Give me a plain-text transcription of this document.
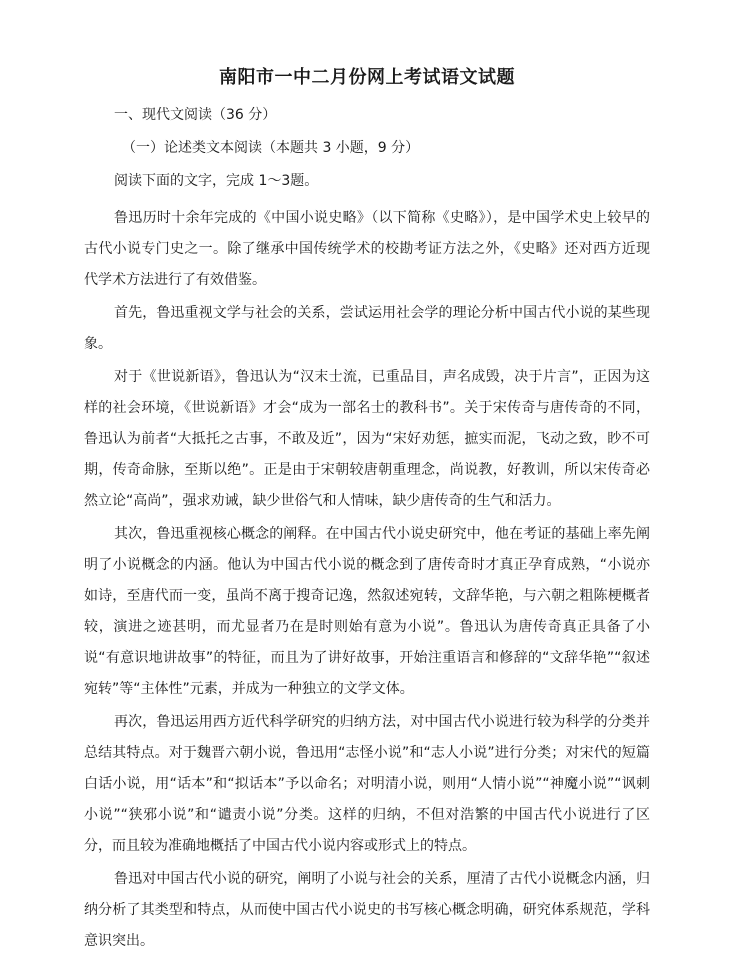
南阳市一中二月份网上考试语文试题
一、现代文阅读（36 分）
（一）论述类文本阅读（本题共 3 小题，9 分）
阅读下面的文字，完成 1～3题。

鲁迅历时十余年完成的《中国小说史略》（以下简称《史略》），是中国学术史上较早的古代小说专门史之一。除了继承中国传统学术的校勘考证方法之外，《史略》还对西方近现代学术方法进行了有效借鉴。

首先，鲁迅重视文学与社会的关系，尝试运用社会学的理论分析中国古代小说的某些现象。

对于《世说新语》，鲁迅认为“汉末士流，已重品目，声名成毁，决于片言”，正因为这样的社会环境，《世说新语》才会“成为一部名士的教科书”。关于宋传奇与唐传奇的不同，鲁迅认为前者“大抵托之古事，不敢及近”，因为“宋好劝惩，摭实而泥，飞动之致，眇不可期，传奇命脉，至斯以绝”。正是由于宋朝较唐朝重理念，尚说教，好教训，所以宋传奇必然立论“高尚”，强求劝诫，缺少世俗气和人情味，缺少唐传奇的生气和活力。

其次，鲁迅重视核心概念的阐释。在中国古代小说史研究中，他在考证的基础上率先阐明了小说概念的内涵。他认为中国古代小说的概念到了唐传奇时才真正孕育成熟，“小说亦如诗，至唐代而一变，虽尚不离于搜奇记逸，然叙述宛转，文辞华艳，与六朝之粗陈梗概者较，演进之迹甚明，而尤显者乃在是时则始有意为小说”。鲁迅认为唐传奇真正具备了小说“有意识地讲故事”的特征，而且为了讲好故事，开始注重语言和修辞的“文辞华艳”“叙述宛转”等“主体性”元素，并成为一种独立的文学文体。

再次，鲁迅运用西方近代科学研究的归纳方法，对中国古代小说进行较为科学的分类并总结其特点。对于魏晋六朝小说，鲁迅用“志怪小说”和“志人小说”进行分类；对宋代的短篇白话小说，用“话本”和“拟话本”予以命名；对明清小说，则用“人情小说”“神魔小说”“讽刺小说”“狭邪小说”和“谴责小说”分类。这样的归纳，不但对浩繁的中国古代小说进行了区分，而且较为准确地概括了中国古代小说内容或形式上的特点。

鲁迅对中国古代小说的研究，阐明了小说与社会的关系，厘清了古代小说概念内涵，归纳分析了其类型和特点，从而使中国古代小说史的书写核心概念明确，研究体系规范，学科意识突出。
